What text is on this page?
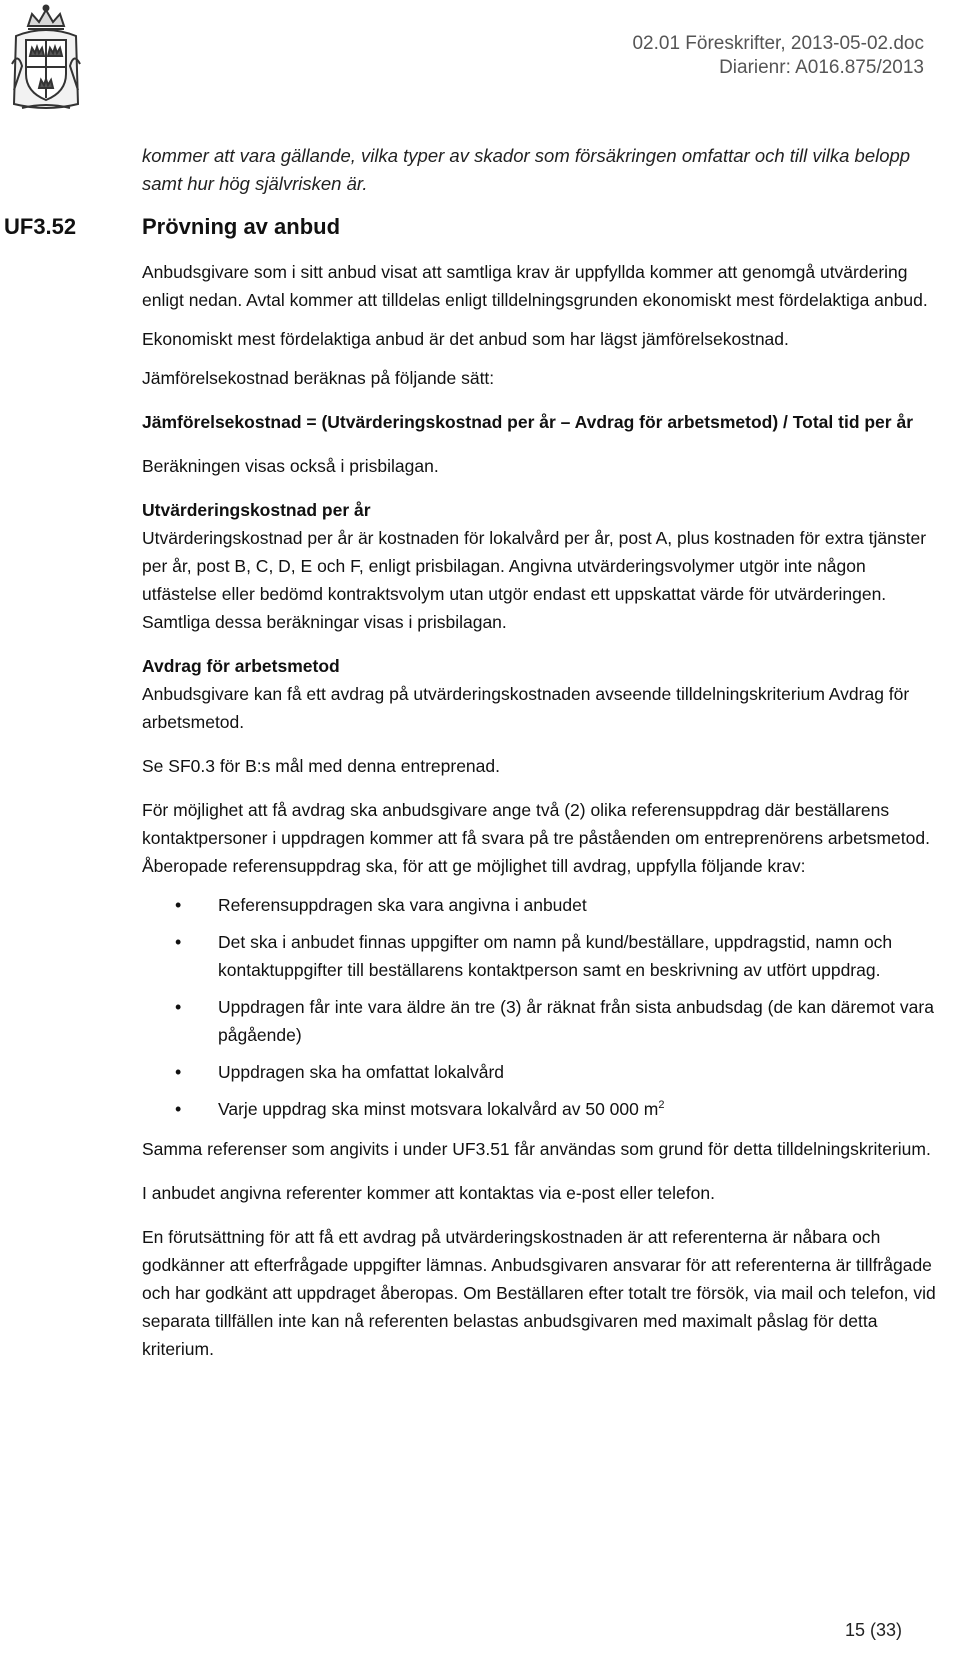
02.01 Föreskrifter, 2013-05-02.doc
Diarienr: A016.875/2013
kommer att vara gällande, vilka typer av skador som försäkringen omfattar och till vilka belopp samt hur hög självrisken är.
UF3.52	Prövning av anbud

Anbudsgivare som i sitt anbud visat att samtliga krav är uppfyllda kommer att genomgå utvärdering enligt nedan. Avtal kommer att tilldelas enligt tilldelningsgrunden ekonomiskt mest fördelaktiga anbud.

Ekonomiskt mest fördelaktiga anbud är det anbud som har lägst jämförelsekostnad.

Jämförelsekostnad beräknas på följande sätt:

Jämförelsekostnad = (Utvärderingskostnad per år – Avdrag för arbetsmetod) / Total tid per år

Beräkningen visas också i prisbilagan.

Utvärderingskostnad per år

Utvärderingskostnad per år är kostnaden för lokalvård per år, post A, plus kostnaden för extra tjänster per år, post B, C, D, E och F, enligt prisbilagan. Angivna utvärderingsvolymer utgör inte någon utfästelse eller bedömd kontraktsvolym utan utgör endast ett uppskattat värde för utvärderingen. Samtliga dessa beräkningar visas i prisbilagan.

Avdrag för arbetsmetod

Anbudsgivare kan få ett avdrag på utvärderingskostnaden avseende tilldelningskriterium Avdrag för arbetsmetod.

Se SF0.3 för B:s mål med denna entreprenad.

För möjlighet att få avdrag ska anbudsgivare ange två (2) olika referensuppdrag där beställarens kontaktpersoner i uppdragen kommer att få svara på tre påståenden om entreprenörens arbetsmetod. Åberopade referensuppdrag ska, för att ge möjlighet till avdrag, uppfylla följande krav:

• Referensuppdragen ska vara angivna i anbudet
• Det ska i anbudet finnas uppgifter om namn på kund/beställare, uppdragstid, namn och kontaktuppgifter till beställarens kontaktperson samt en beskrivning av utfört uppdrag.
• Uppdragen får inte vara äldre än tre (3) år räknat från sista anbudsdag (de kan däremot vara pågående)
• Uppdragen ska ha omfattat lokalvård
• Varje uppdrag ska minst motsvara lokalvård av 50 000 $m^2$

Samma referenser som angivits i under UF3.51 får användas som grund för detta tilldelningskriterium.

I anbudet angivna referenter kommer att kontaktas via e-post eller telefon.

En förutsättning för att få ett avdrag på utvärderingskostnaden är att referenterna är nåbara och godkänner att efterfrågade uppgifter lämnas. Anbudsgivaren ansvarar för att referenterna är tillfrågade och har godkänt att uppdraget åberopas. Om Beställaren efter totalt tre försök, via mail och telefon, vid separata tillfällen inte kan nå referenten belastas anbudsgivaren med maximalt påslag för detta kriterium.

15 (33)
